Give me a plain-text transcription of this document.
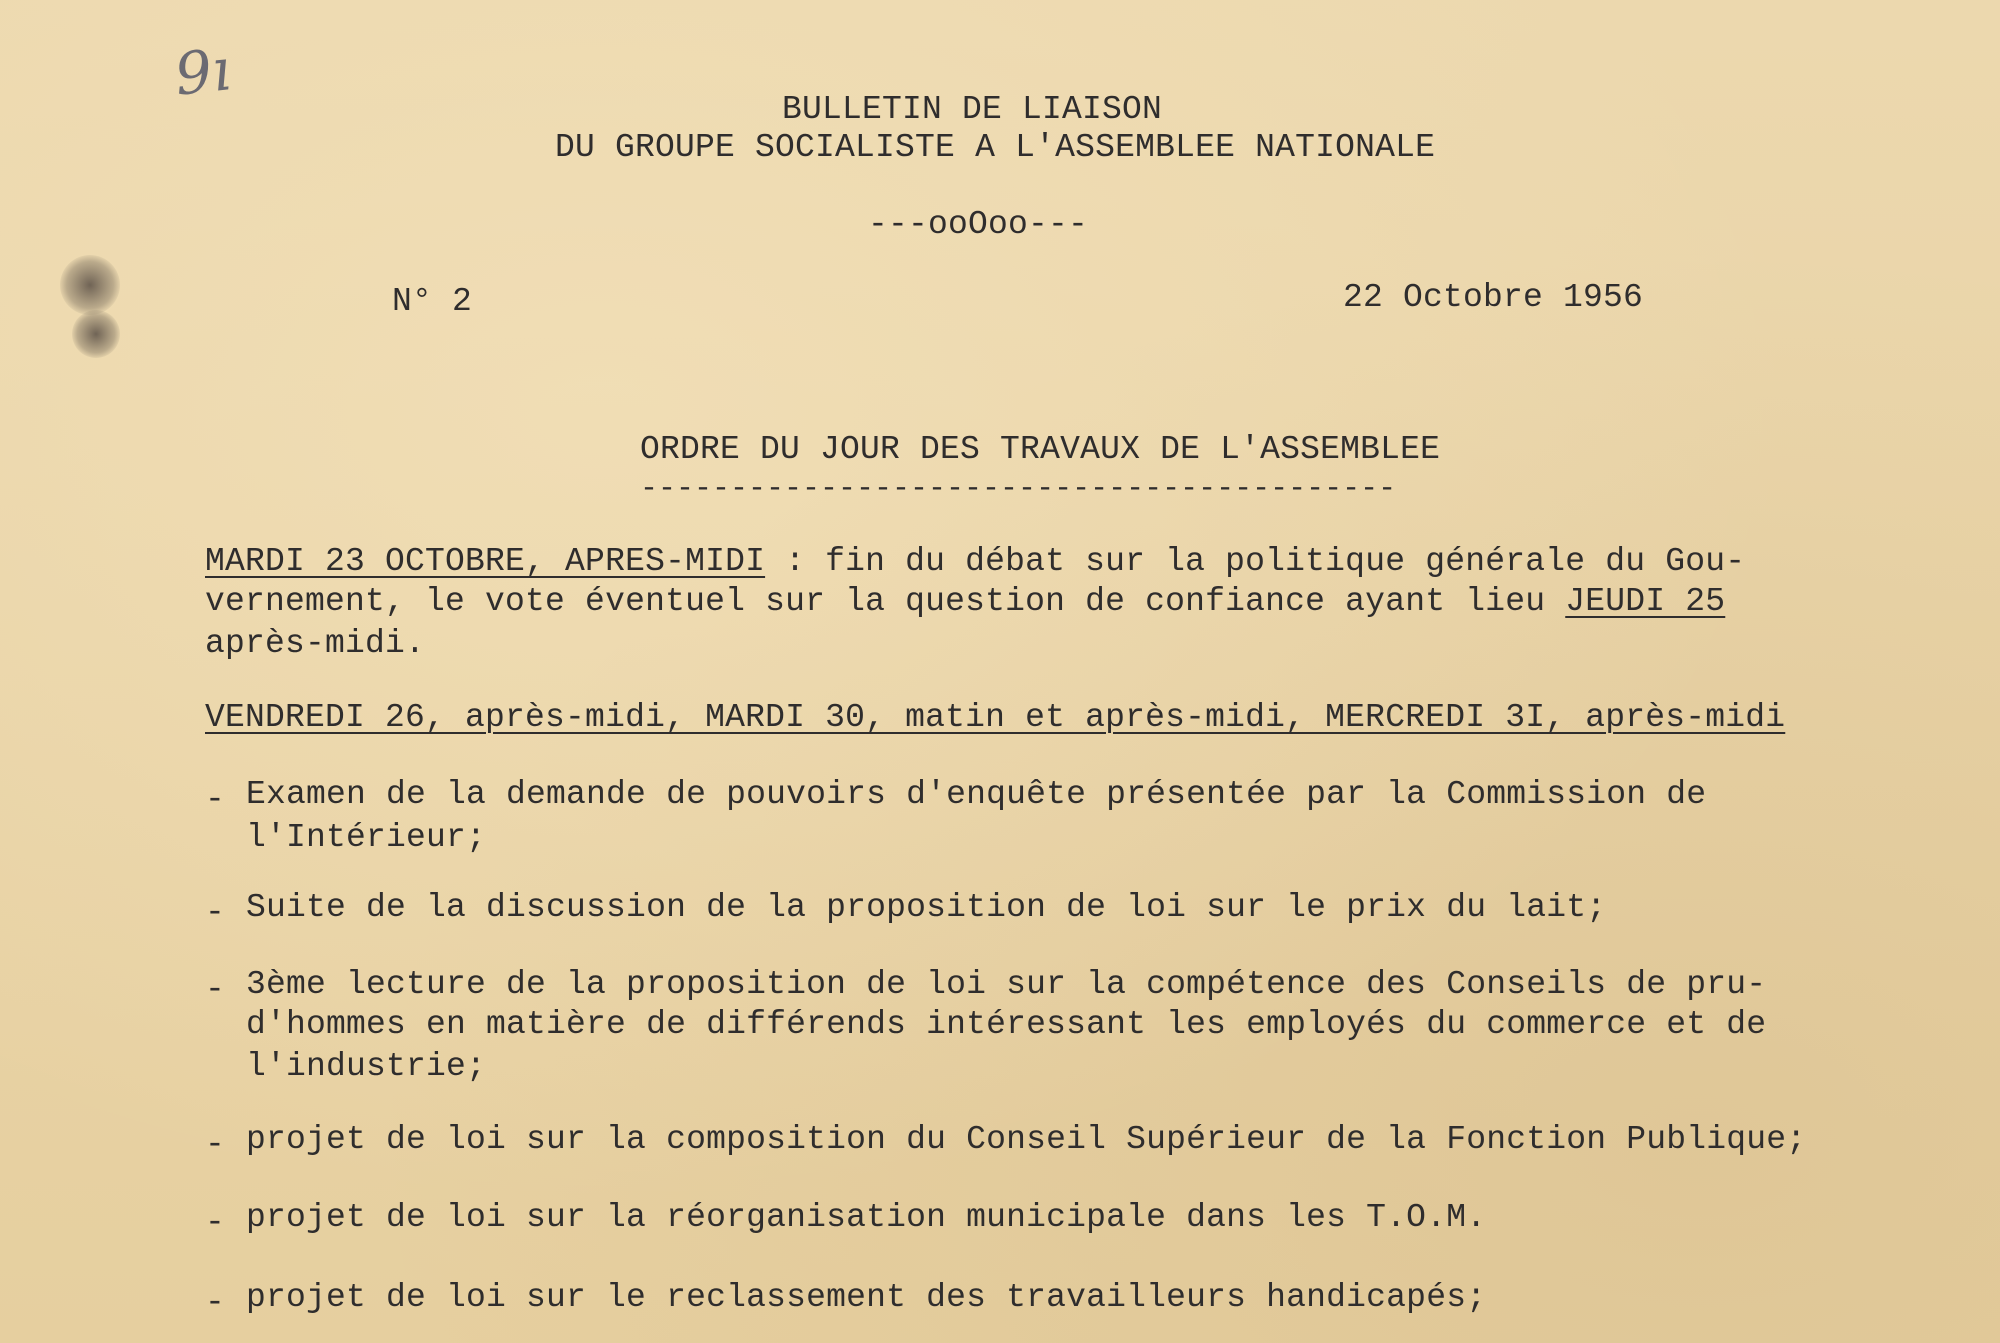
9ı
BULLETIN DE LIAISON
DU GROUPE SOCIALISTE A L'ASSEMBLEE NATIONALE
---ooOoo---
N° 2	22 Octobre 1956
ORDRE DU JOUR DES TRAVAUX DE L'ASSEMBLEE
------------------------------------------
MARDI 23 OCTOBRE, APRES-MIDI : fin du débat sur la politique générale du Gou-
vernement, le vote éventuel sur la question de confiance ayant lieu JEUDI 25
après-midi.
VENDREDI 26, après-midi, MARDI 30, matin et après-midi, MERCREDI 3I, après-midi
- Examen de la demande de pouvoirs d'enquête présentée par la Commission de
l'Intérieur;
- Suite de la discussion de la proposition de loi sur le prix du lait;
- 3ème lecture de la proposition de loi sur la compétence des Conseils de pru-
d'hommes en matière de différends intéressant les employés du commerce et de
l'industrie;
- projet de loi sur la composition du Conseil Supérieur de la Fonction Publique;
- projet de loi sur la réorganisation municipale dans les T.O.M.
- projet de loi sur le reclassement des travailleurs handicapés;
